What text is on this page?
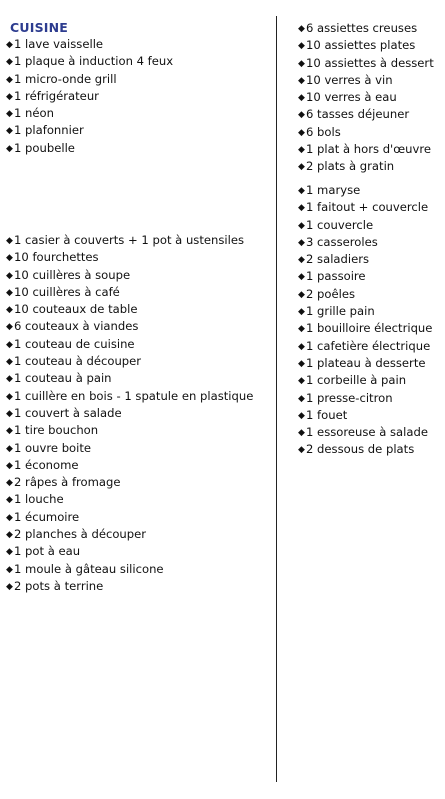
CUISINE
◆1 lave vaisselle
◆1 plaque à induction 4 feux
◆1 micro-onde grill
◆1 réfrigérateur
◆1 néon
◆1 plafonnier
◆1 poubelle
◆1 casier à couverts + 1 pot à ustensiles
◆10 fourchettes
◆10 cuillères à soupe
◆10 cuillères à café
◆10 couteaux de table
◆6 couteaux à viandes
◆1 couteau de cuisine
◆1 couteau à découper
◆1 couteau à pain
◆1 cuillère en bois - 1 spatule en plastique
◆1 couvert à salade
◆1 tire bouchon
◆1 ouvre boite
◆1 économe
◆2 râpes à fromage
◆1 louche
◆1 écumoire
◆2 planches à découper
◆1 pot à eau
◆1 moule à gâteau silicone
◆2 pots à terrine
◆6 assiettes creuses
◆10 assiettes plates
◆10 assiettes à dessert
◆10 verres à vin
◆10 verres à eau
◆6 tasses déjeuner
◆6 bols
◆1 plat à hors d'œuvre
◆2 plats à gratin
◆1 maryse
◆1 faitout + couvercle
◆1 couvercle
◆3 casseroles
◆2 saladiers
◆1 passoire
◆2 poêles
◆1 grille pain
◆1 bouilloire électrique
◆1 cafetière électrique
◆1 plateau à desserte
◆1 corbeille à pain
◆1 presse-citron
◆1 fouet
◆1 essoreuse à salade
◆2 dessous de plats
